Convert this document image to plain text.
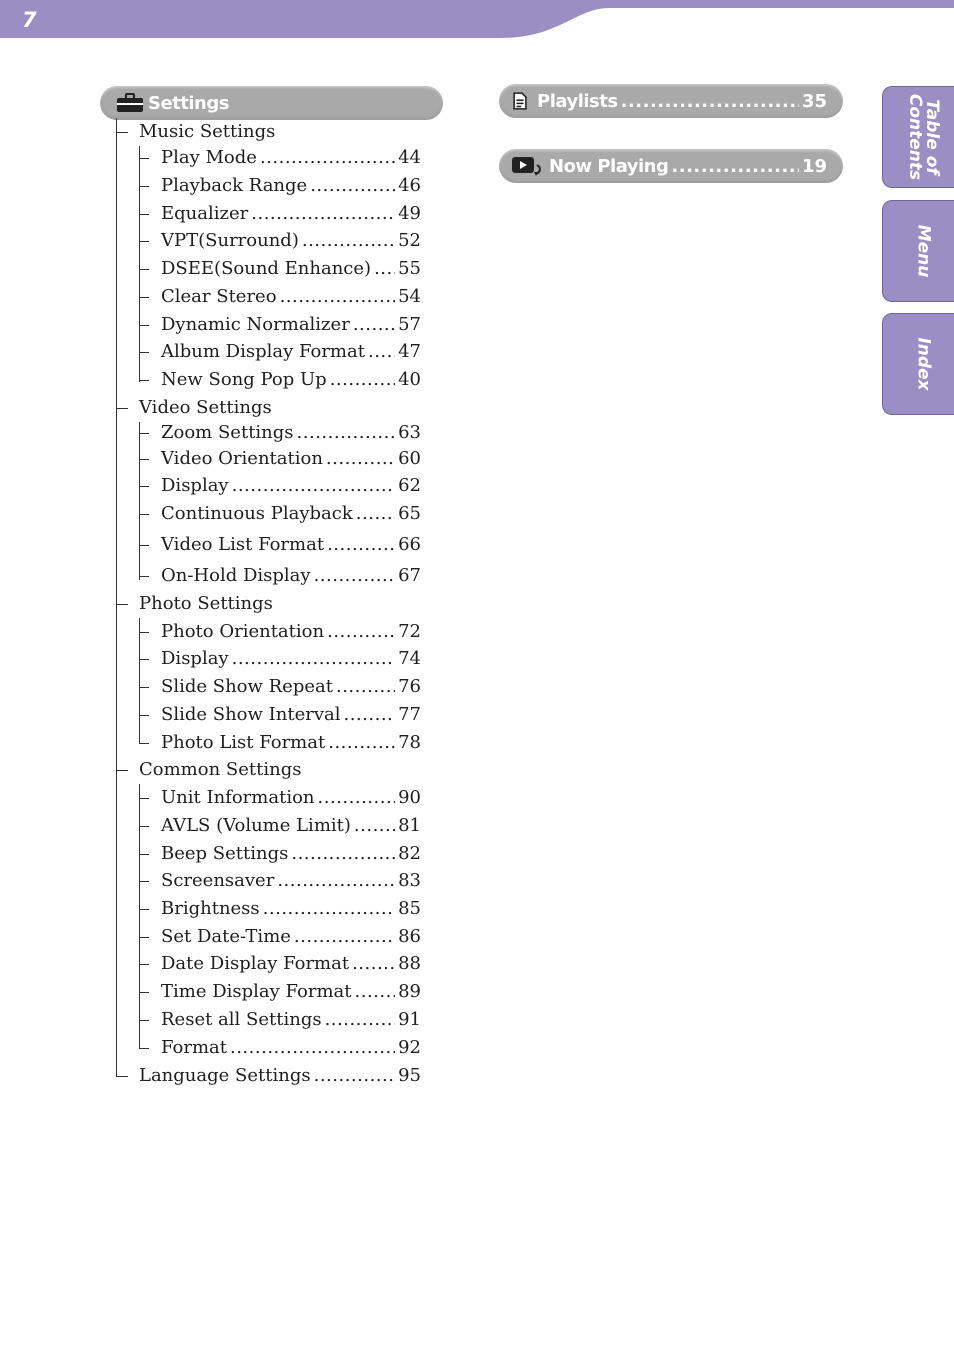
7
Settings	Playlists .....	35
Now Playing .....	19
Music Settings
Play Mode .....	44
Playback Range .....	46
Equalizer .....	49
VPT(Surround) .....	52
DSEE(Sound Enhance) ..... 55
Clear Stereo .....	54
Dynamic Normalizer .....	57
Album Display Format ..... 47
New Song Pop Up .....	40
Video Settings
Zoom Settings .....	63
Video Orientation .....	60
Display .....	62
Continuous Playback .....	65
Video List Format .....	66
On-Hold Display .....	67
Photo Settings
Photo Orientation .....	72
Display .....	74
Slide Show Repeat .....	76
Slide Show Interval .....	77
Photo List Format .....	78
Common Settings
Unit Information .....	90
AVLS (Volume Limit) .....	81
Beep Settings .....	82
Screensaver .....	83
Brightness .....	85
Set Date-Time .....	86
Date Display Format .....	88
Time Display Format .....	89
Reset all Settings .....	91
Format .....	92
Language Settings .....	95
Table of
Contents
Menu
Index
